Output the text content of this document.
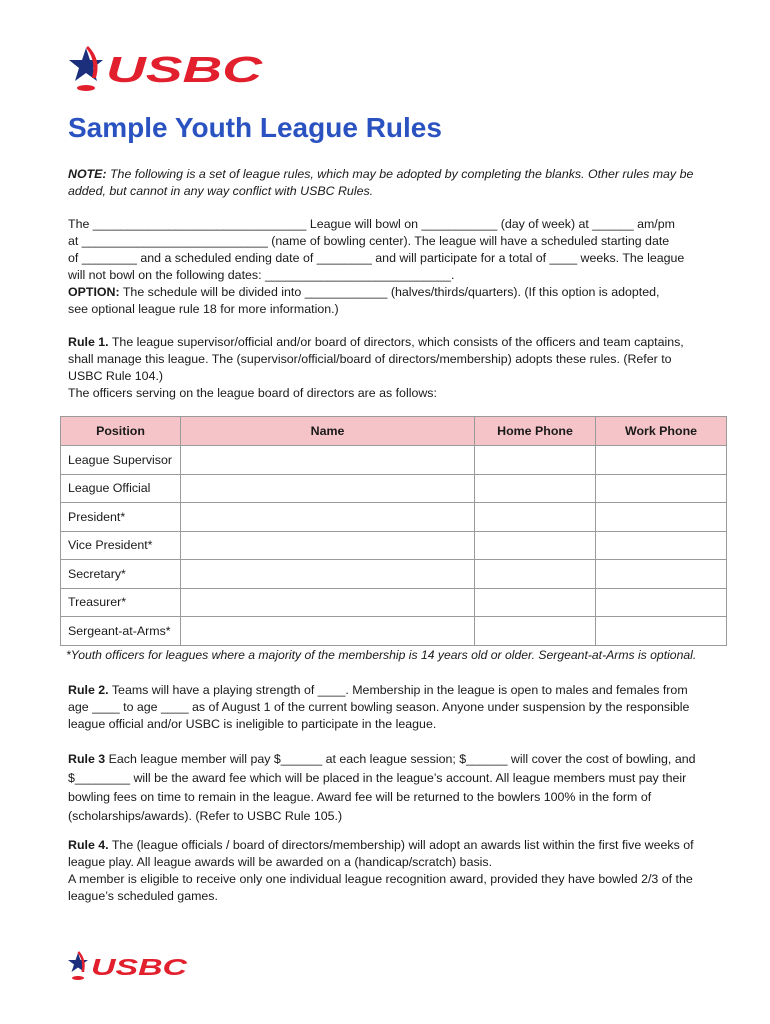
USBC
Sample Youth League Rules

NOTE: The following is a set of league rules, which may be adopted by completing the blanks. Other rules may be added, but cannot in any way conflict with USBC Rules.

The _______________________________ League will bowl on ___________ (day of week) at ______ am/pm
at ___________________________ (name of bowling center). The league will have a scheduled starting date
of ________ and a scheduled ending date of ________ and will participate for a total of ____ weeks. The league
will not bowl on the following dates: ___________________________.
OPTION: The schedule will be divided into ____________ (halves/thirds/quarters). (If this option is adopted,
see optional league rule 18 for more information.)

Rule 1. The league supervisor/official and/or board of directors, which consists of the officers and team captains, shall manage this league. The (supervisor/official/board of directors/membership) adopts these rules. (Refer to USBC Rule 104.)
The officers serving on the league board of directors are as follows:

Position	Name	Home Phone	Work Phone
League Supervisor			
League Official			
President*			
Vice President*			
Secretary*			
Treasurer*			
Sergeant-at-Arms*			

*Youth officers for leagues where a majority of the membership is 14 years old or older. Sergeant-at-Arms is optional.

Rule 2. Teams will have a playing strength of ____. Membership in the league is open to males and females from age ____ to age ____ as of August 1 of the current bowling season. Anyone under suspension by the responsible league official and/or USBC is ineligible to participate in the league.

Rule 3 Each league member will pay $______ at each league session; $______ will cover the cost of bowling, and $________ will be the award fee which will be placed in the league’s account. All league members must pay their bowling fees on time to remain in the league. Award fee will be returned to the bowlers 100% in the form of (scholarships/awards). (Refer to USBC Rule 105.)

Rule 4. The (league officials / board of directors/membership) will adopt an awards list within the first five weeks of league play. All league awards will be awarded on a (handicap/scratch) basis.
A member is eligible to receive only one individual league recognition award, provided they have bowled 2/3 of the league’s scheduled games.

USBC
